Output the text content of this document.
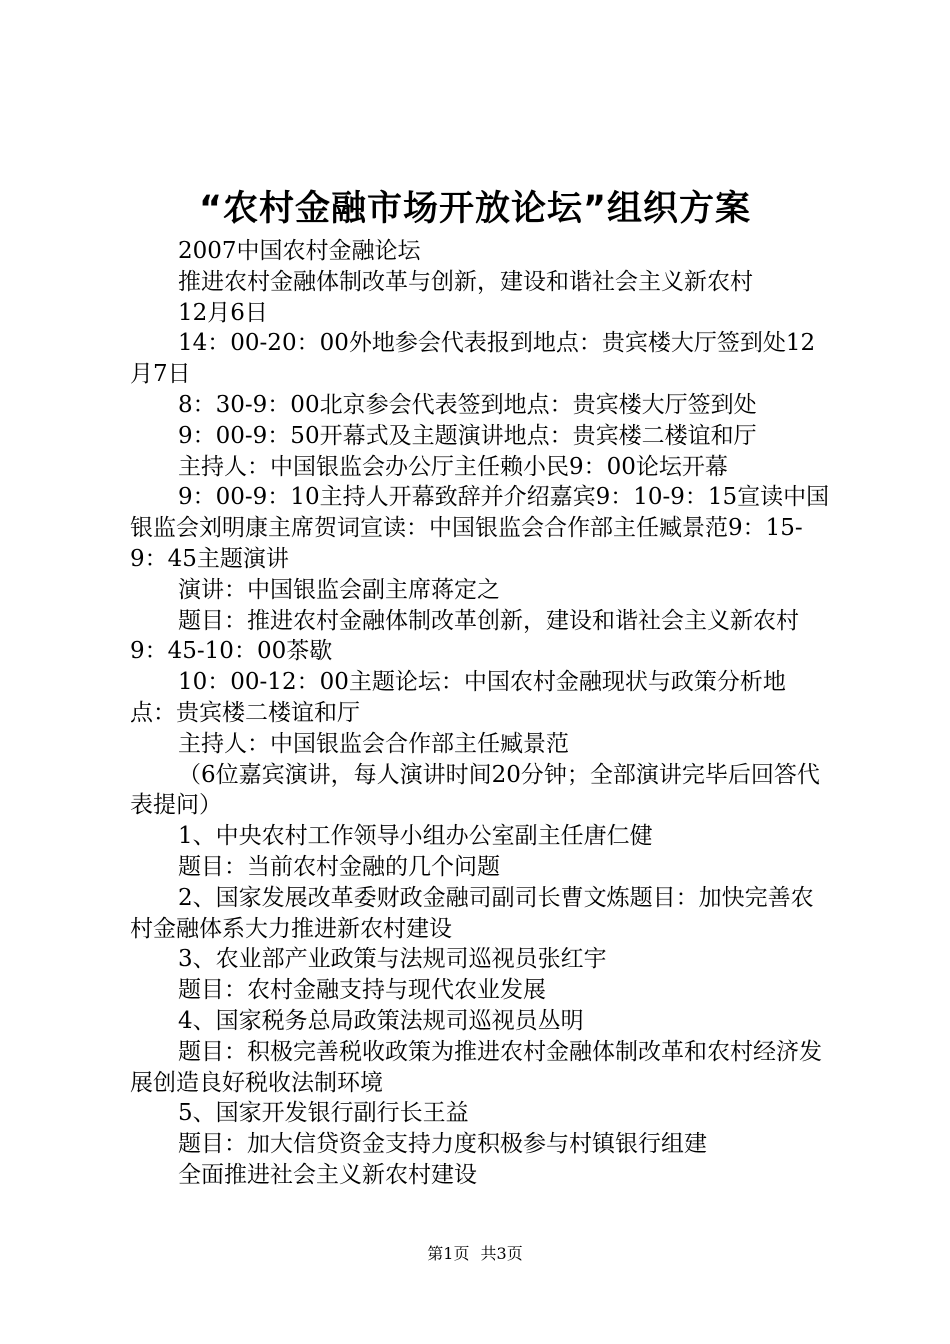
“农村金融市场开放论坛”组织方案

2007中国农村金融论坛

推进农村金融体制改革与创新，建设和谐社会主义新农村

12月6日

14：00-20：00外地参会代表报到地点：贵宾楼大厅签到处12月7日

8：30-9：00北京参会代表签到地点：贵宾楼大厅签到处

9：00-9：50开幕式及主题演讲地点：贵宾楼二楼谊和厅

主持人：中国银监会办公厅主任赖小民9：00论坛开幕

9：00-9：10主持人开幕致辞并介绍嘉宾9：10-9：15宣读中国银监会刘明康主席贺词宣读：中国银监会合作部主任臧景范9：15-9：45主题演讲

演讲：中国银监会副主席蒋定之

题目：推进农村金融体制改革创新，建设和谐社会主义新农村9：45-10：00茶歇

10：00-12：00主题论坛：中国农村金融现状与政策分析地点：贵宾楼二楼谊和厅

主持人：中国银监会合作部主任臧景范

（6位嘉宾演讲，每人演讲时间20分钟；全部演讲完毕后回答代表提问）

1、中央农村工作领导小组办公室副主任唐仁健

题目：当前农村金融的几个问题

2、国家发展改革委财政金融司副司长曹文炼题目：加快完善农村金融体系大力推进新农村建设

3、农业部产业政策与法规司巡视员张红宇

题目：农村金融支持与现代农业发展

4、国家税务总局政策法规司巡视员丛明

题目：积极完善税收政策为推进农村金融体制改革和农村经济发展创造良好税收法制环境

5、国家开发银行副行长王益

题目：加大信贷资金支持力度积极参与村镇银行组建

全面推进社会主义新农村建设

第1页 共3页
